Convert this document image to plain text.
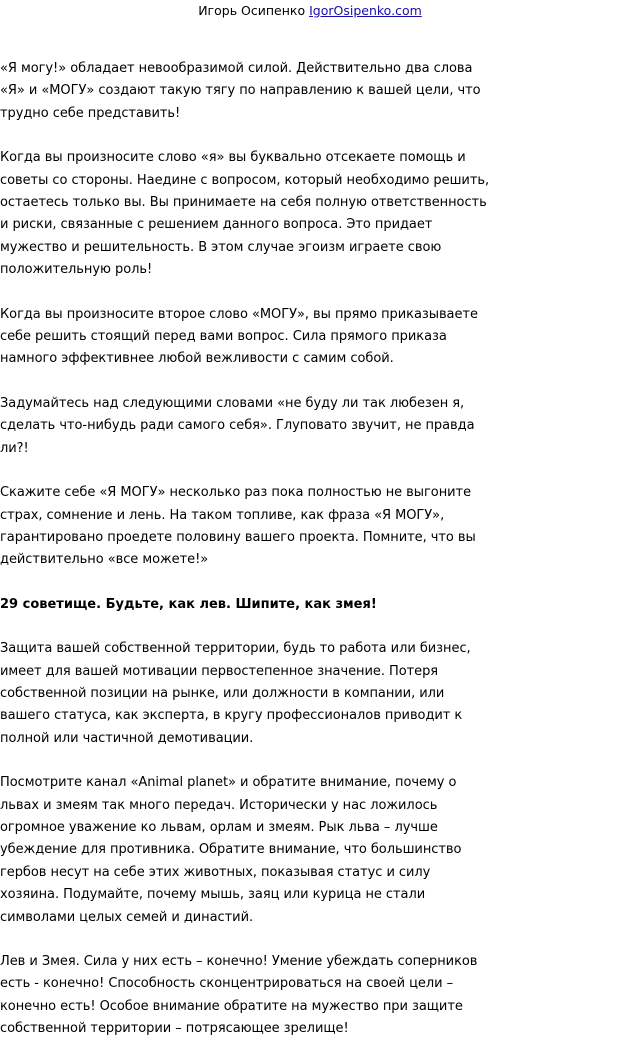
Игорь Осипенко IgorOsipenko.com
«Я могу!» обладает невообразимой силой. Действительно два слова
«Я» и «МОГУ» создают такую тягу по направлению к вашей цели, что
трудно себе представить!
Когда вы произносите слово «я» вы буквально отсекаете помощь и
советы со стороны. Наедине с вопросом, который необходимо решить,
остаетесь только вы. Вы принимаете на себя полную ответственность
и риски, связанные с решением данного вопроса. Это придает
мужество и решительность. В этом случае эгоизм играете свою
положительную роль!
Когда вы произносите второе слово «МОГУ», вы прямо приказываете
себе решить стоящий перед вами вопрос. Сила прямого приказа
намного эффективнее любой вежливости с самим собой.
Задумайтесь над следующими словами «не буду ли так любезен я,
сделать что-нибудь ради самого себя». Глуповато звучит, не правда
ли?!
Скажите себе «Я МОГУ» несколько раз пока полностью не выгоните
страх, сомнение и лень. На таком топливе, как фраза «Я МОГУ»,
гарантировано проедете половину вашего проекта. Помните, что вы
действительно «все можете!»
29 советище. Будьте, как лев. Шипите, как змея!
Защита вашей собственной территории, будь то работа или бизнес,
имеет для вашей мотивации первостепенное значение. Потеря
собственной позиции на рынке, или должности в компании, или
вашего статуса, как эксперта, в кругу профессионалов приводит к
полной или частичной демотивации.
Посмотрите канал «Animal planet» и обратите внимание, почему о
львах и змеям так много передач. Исторически у нас ложилось
огромное уважение ко львам, орлам и змеям. Рык льва – лучше
убеждение для противника. Обратите внимание, что большинство
гербов несут на себе этих животных, показывая статус и силу
хозяина. Подумайте, почему мышь, заяц или курица не стали
символами целых семей и династий.
Лев и Змея. Сила у них есть – конечно! Умение убеждать соперников
есть - конечно! Способность сконцентрироваться на своей цели –
конечно есть! Особое внимание обратите на мужество при защите
собственной территории – потрясающее зрелище!
